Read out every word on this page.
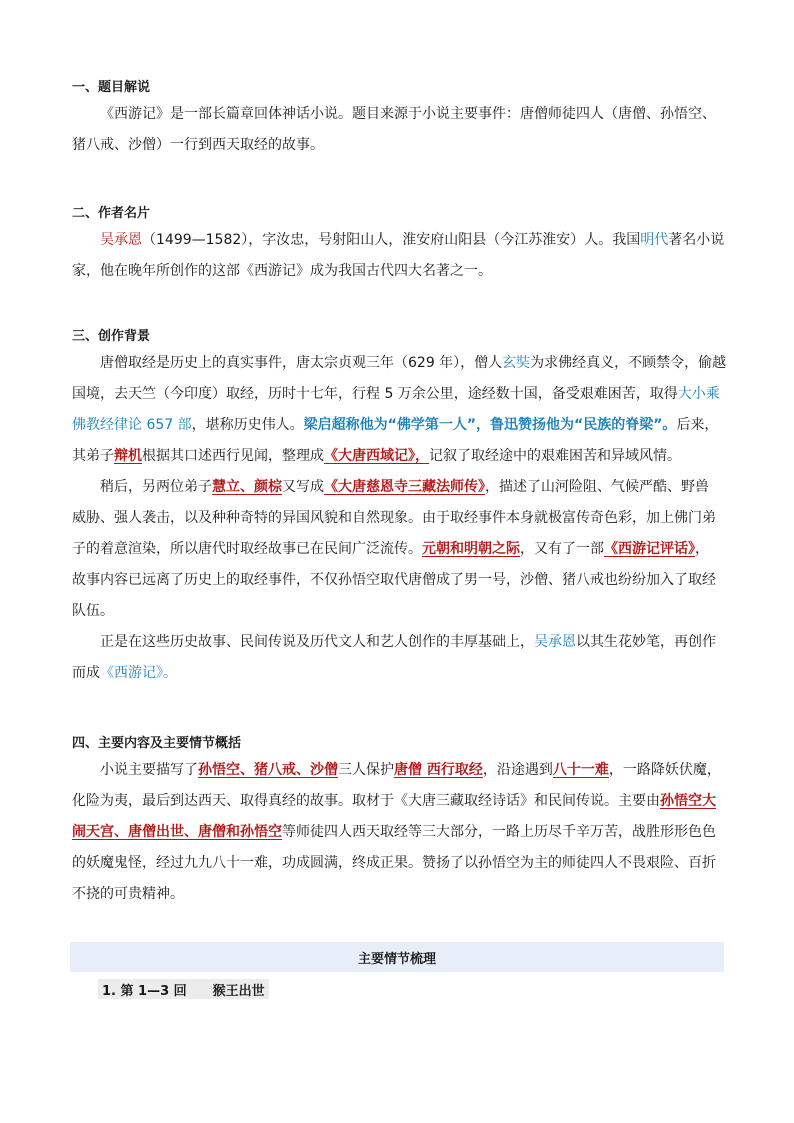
一、题目解说
《西游记》是一部长篇章回体神话小说。题目来源于小说主要事件：唐僧师徒四人（唐僧、孙悟空、
猪八戒、沙僧）一行到西天取经的故事。
二、作者名片
吴承恩（1499—1582），字汝忠，号射阳山人，淮安府山阳县（今江苏淮安）人。我国明代著名小说
家，他在晚年所创作的这部《西游记》成为我国古代四大名著之一。
三、创作背景
唐僧取经是历史上的真实事件，唐太宗贞观三年（629 年），僧人玄奘为求佛经真义，不顾禁令，偷越
国境，去天竺（今印度）取经，历时十七年，行程 5 万余公里，途经数十国，备受艰难困苦，取得大小乘
佛教经律论 657 部，堪称历史伟人。梁启超称他为“佛学第一人”，鲁迅赞扬他为“民族的脊梁”。后来，
其弟子辩机根据其口述西行见闻，整理成《大唐西域记》，记叙了取经途中的艰难困苦和异域风情。
稍后，另两位弟子慧立、颜棕又写成《大唐慈恩寺三藏法师传》，描述了山河险阻、气候严酷、野兽
威胁、强人袭击，以及种种奇特的异国风貌和自然现象。由于取经事件本身就极富传奇色彩，加上佛门弟
子的着意渲染，所以唐代时取经故事已在民间广泛流传。元朝和明朝之际，又有了一部《西游记评话》，
故事内容已远离了历史上的取经事件，不仅孙悟空取代唐僧成了男一号，沙僧、猪八戒也纷纷加入了取经
队伍。
正是在这些历史故事、民间传说及历代文人和艺人创作的丰厚基础上，吴承恩以其生花妙笔，再创作
而成《西游记》。
四、主要内容及主要情节概括
小说主要描写了孙悟空、猪八戒、沙僧三人保护唐僧 西行取经，沿途遇到八十一难，一路降妖伏魔，
化险为夷，最后到达西天、取得真经的故事。取材于《大唐三藏取经诗话》和民间传说。主要由孙悟空大
闹天宫、唐僧出世、唐僧和孙悟空等师徒四人西天取经等三大部分，一路上历尽千辛万苦，战胜形形色色
的妖魔鬼怪，经过九九八十一难，功成圆满，终成正果。赞扬了以孙悟空为主的师徒四人不畏艰险、百折
不挠的可贵精神。
主要情节梳理
1. 第 1—3 回 猴王出世
